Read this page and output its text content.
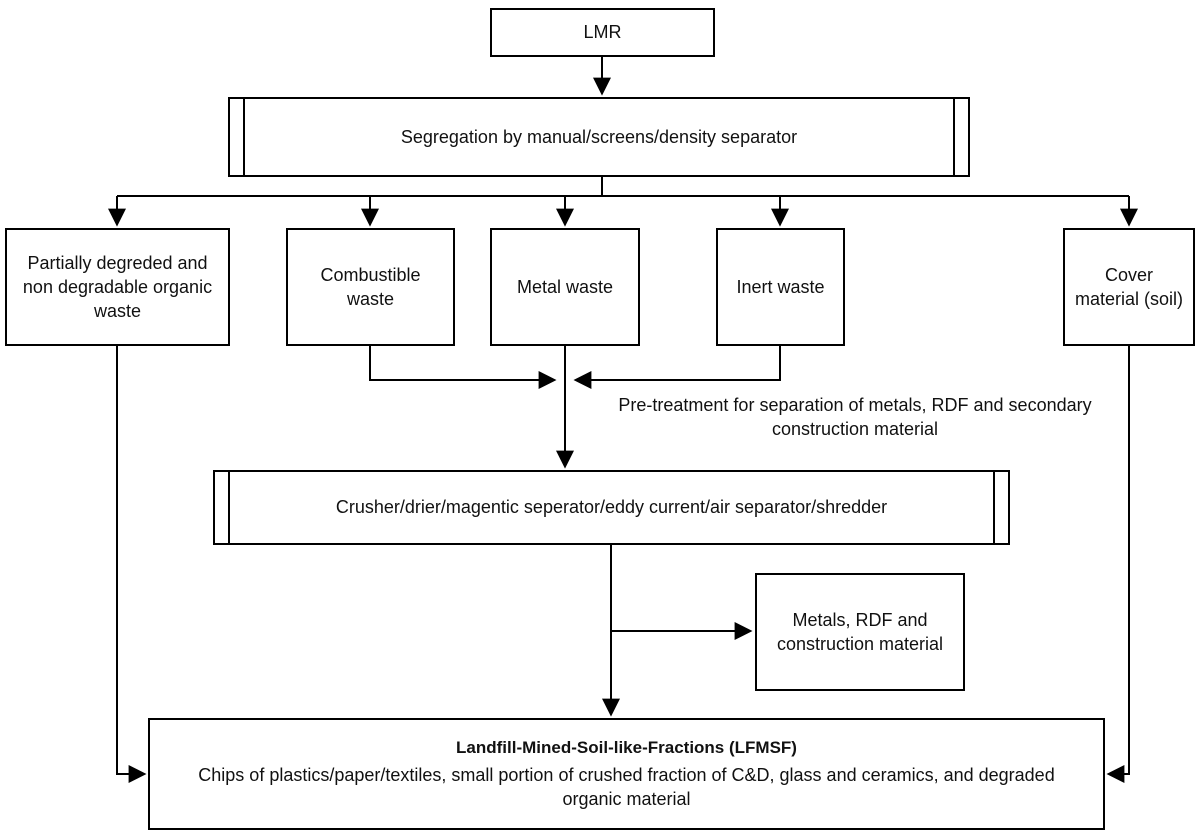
LMR
Segregation by manual/screens/density separator
Partially degreded and non degradable organic waste
Combustible waste
Metal waste	Inert waste
Cover material (soil)
Pre-treatment for separation of metals, RDF and secondary construction material
Crusher/drier/magentic seperator/eddy current/air separator/shredder
Metals, RDF and construction material
Landfill-Mined-Soil-like-Fractions (LFMSF)
Chips of plastics/paper/textiles, small portion of crushed fraction of C&D, glass and ceramics, and degraded organic material
